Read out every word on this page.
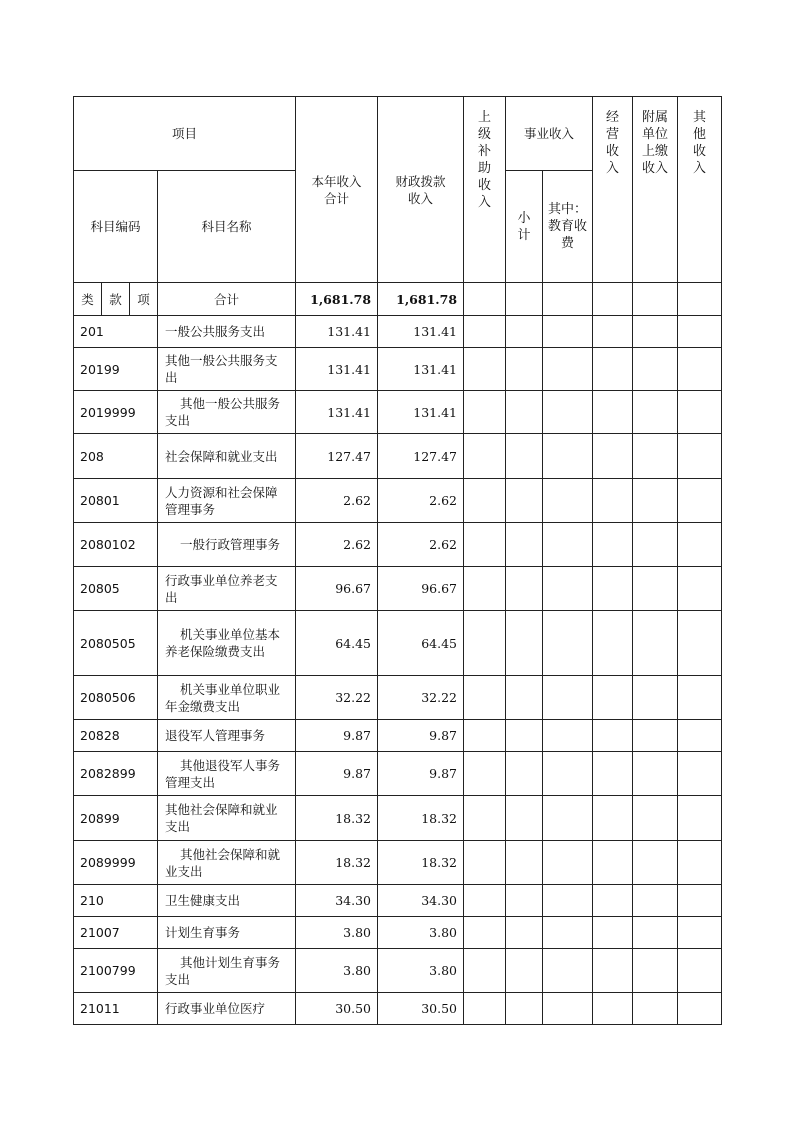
项目				本年收入合计	财政拨款收入	上级补助收入	事业收入		经营收入	附属单位上缴收入	其他收入

科目编码			科目名称				小计	其中：教育收费			

类	款	项	合计	1,681.78	1,681.78						
201			一般公共服务支出	131.41	131.41						
20199			其他一般公共服务支出	131.41	131.41						
2019999			其他一般公共服务支出	131.41	131.41						
208			社会保障和就业支出	127.47	127.47						
20801			人力资源和社会保障管理事务	2.62	2.62						
2080102			一般行政管理事务	2.62	2.62						
20805			行政事业单位养老支出	96.67	96.67						
2080505			机关事业单位基本养老保险缴费支出	64.45	64.45						
2080506			机关事业单位职业年金缴费支出	32.22	32.22						
20828			退役军人管理事务	9.87	9.87						
2082899			其他退役军人事务管理支出	9.87	9.87						
20899			其他社会保障和就业支出	18.32	18.32						
2089999			其他社会保障和就业支出	18.32	18.32						
210			卫生健康支出	34.30	34.30						
21007			计划生育事务	3.80	3.80						
2100799			其他计划生育事务支出	3.80	3.80						
21011			行政事业单位医疗	30.50	30.50						
